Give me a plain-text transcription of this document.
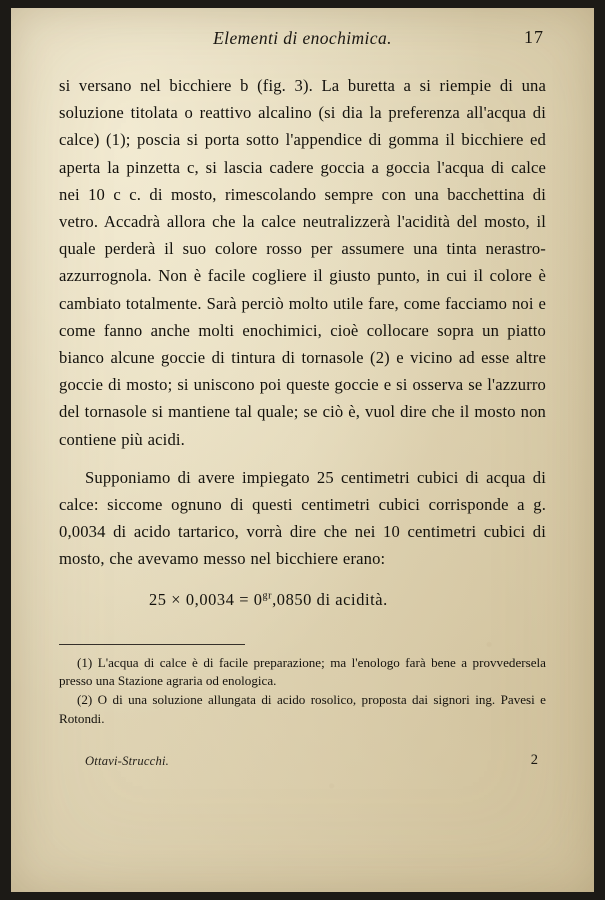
Elementi di enochimica.	17

si versano nel bicchiere b (fig. 3). La buretta a si riempie di una soluzione titolata o reattivo alcalino (si dia la preferenza all'acqua di calce) (1); poscia si porta sotto l'appendice di gomma il bicchiere ed aperta la pinzetta c, si lascia cadere goccia a goccia l'acqua di calce nei 10 c c. di mosto, rimescolando sempre con una bacchettina di vetro. Accadrà allora che la calce neutralizzerà l'acidità del mosto, il quale perderà il suo colore rosso per assumere una tinta nerastro-azzurrognola. Non è facile cogliere il giusto punto, in cui il colore è cambiato totalmente. Sarà perciò molto utile fare, come facciamo noi e come fanno anche molti enochimici, cioè collocare sopra un piatto bianco alcune goccie di tintura di tornasole (2) e vicino ad esse altre goccie di mosto; si uniscono poi queste goccie e si osserva se l'azzurro del tornasole si mantiene tal quale; se ciò è, vuol dire che il mosto non contiene più acidi.

Supponiamo di avere impiegato 25 centimetri cubici di acqua di calce: siccome ognuno di questi centimetri cubici corrisponde a g. 0,0034 di acido tartarico, vorrà dire che nei 10 centimetri cubici di mosto, che avevamo messo nel bicchiere erano:

$25 \times 0,0034 = 0^{gr},0850$ di acidità.

(1) L'acqua di calce è di facile preparazione; ma l'enologo farà bene a provvedersela presso una Stazione agraria od enologica.

(2) O di una soluzione allungata di acido rosolico, proposta dai signori ing. Pavesi e Rotondi.

Ottavi-Strucchi.	2
